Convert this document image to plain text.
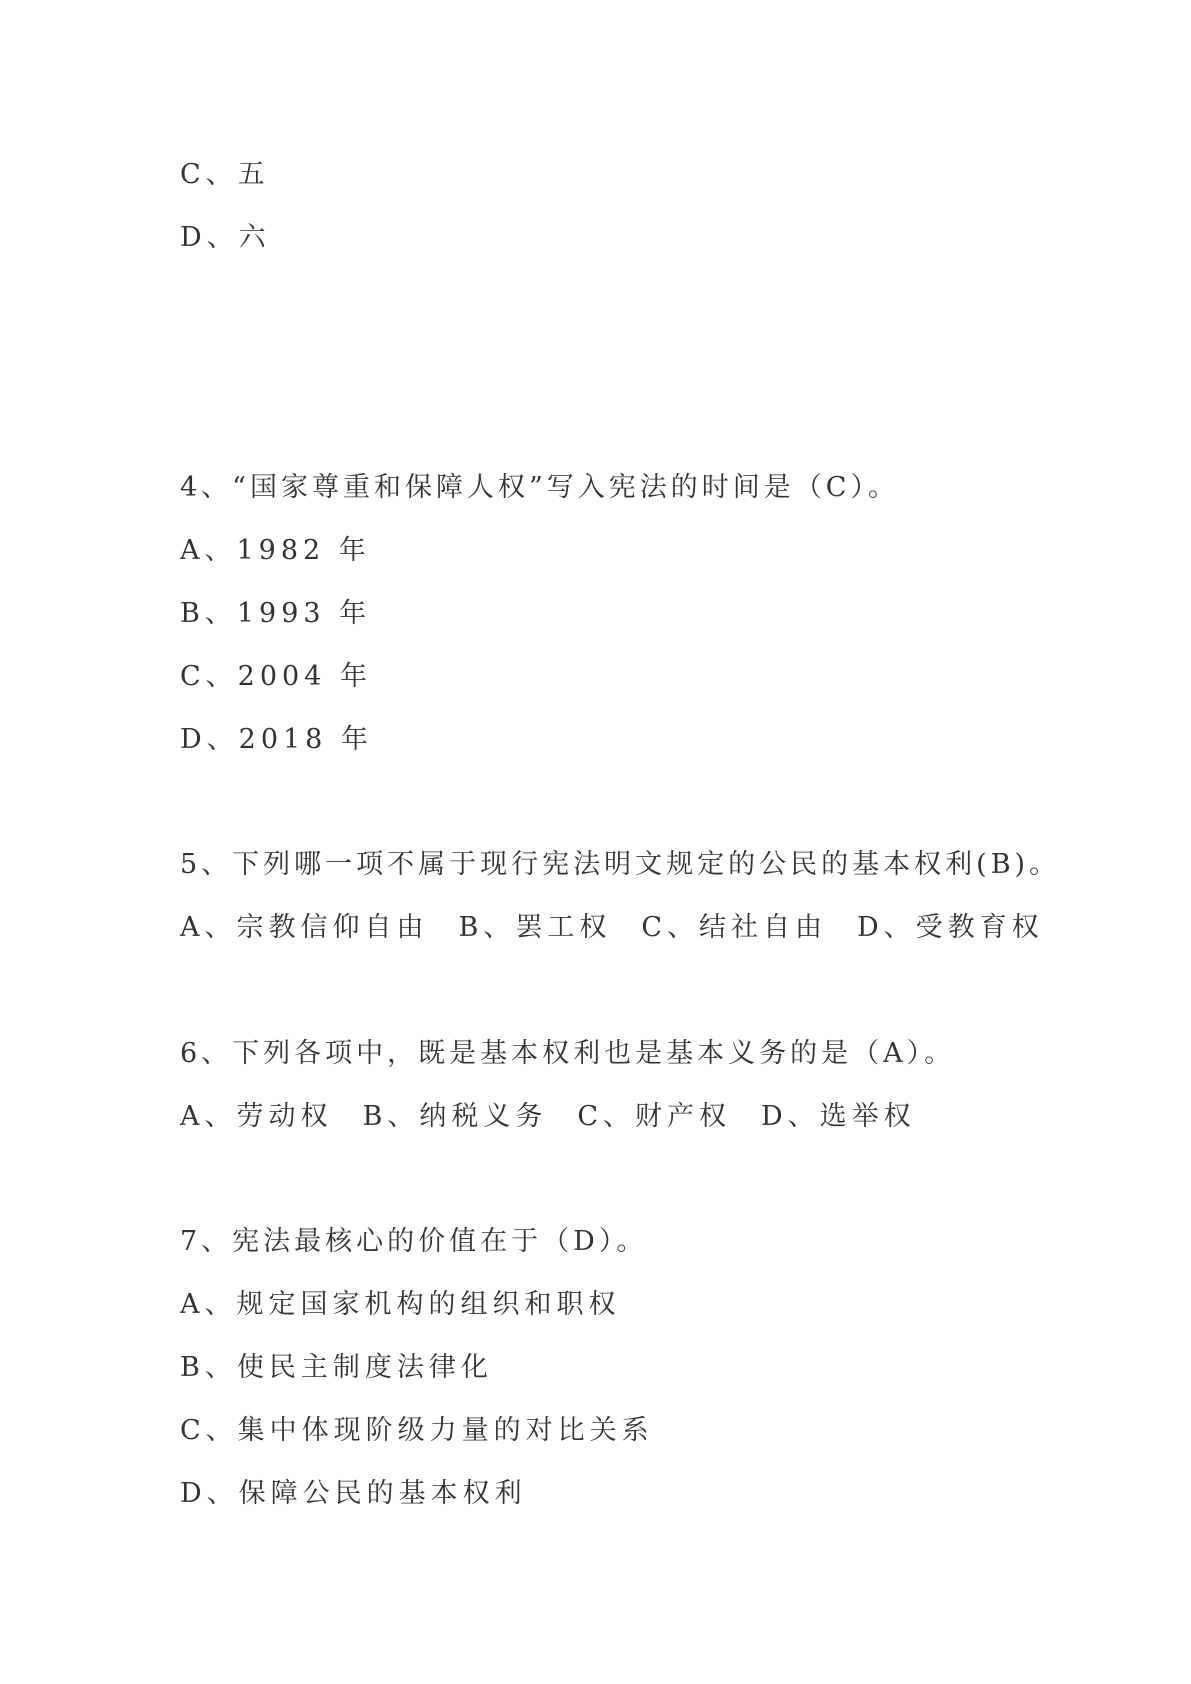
C、五

D、六

4、“国家尊重和保障人权”写入宪法的时间是（C）。

A、1982 年

B、1993 年

C、2004 年

D、2018 年

5、下列哪一项不属于现行宪法明文规定的公民的基本权利(B)。

A、宗教信仰自由 B、罢工权 C、结社自由 D、受教育权

6、下列各项中，既是基本权利也是基本义务的是（A）。

A、劳动权 B、纳税义务 C、财产权 D、选举权

7、宪法最核心的价值在于（D）。

A、规定国家机构的组织和职权

B、使民主制度法律化

C、集中体现阶级力量的对比关系

D、保障公民的基本权利
